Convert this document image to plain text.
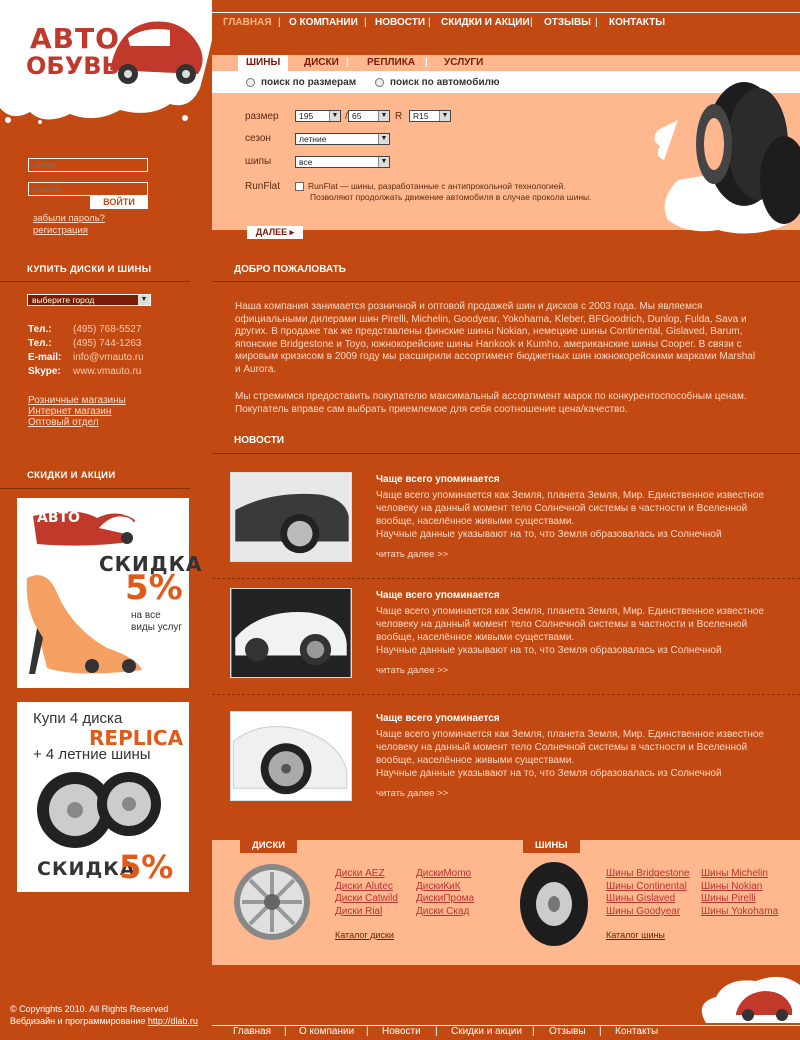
⌂
✉
⎙
АВТО
ОБУВЬ
логин
ВОЙТИ
забыли пароль?
регистрация
КУПИТЬ ДИСКИ И ШИНЫ
выберите город	▼
Тел.: (495) 768-5527
Тел.: (495) 744-1263
E-mail: info@vmauto.ru
Skype: www.vmauto.ru
Розничные магазины
Интернет магазин
Оптовый отдел
СКИДКИ И АКЦИИ
АВТО
ОБУВЬ
СКИДКА
5%
на все
виды услуг
Купи 4 диска
REPLICA
+ 4 летние шины
СКИДКА
5%
ГЛАВНАЯ | О КОМПАНИИ | НОВОСТИ | СКИДКИ И АКЦИИ | ОТЗЫВЫ | КОНТАКТЫ
ШИНЫ	ДИСКИ | РЕПЛИКА | УСЛУГИ
поиск по размерам	поиск по автомобилю
размер	195	▼ / 65	▼ R	R15	▼
сезон	летние	▼
шипы	все	▼
RunFlat	RunFlat — шины, разработанные с антипрокольной технологией.
Позволяют продолжать движение автомобиля в случае прокола шины.
ДАЛЕЕ ▸
ДОБРО ПОЖАЛОВАТЬ
Наша компания занимается розничной и оптовой продажей шин и дисков с 2003 года. Мы являемся официальными дилерами шин Pirelli, Michelin, Goodyear, Yokohama, Kleber, BFGoodrich, Dunlop, Fulda, Sava и других. В продаже так же представлены финские шины Nokian, немецкие шины Continental, Gislaved, Barum, японские Bridgestone и Toyo, южнокорейские шины Hankook и Kumho, американские шины Cooper. В связи с мировым кризисом в 2009 году мы расширили ассортимент бюджетных шин южнокорейскими марками Marshal и Aurora.
Мы стремимся предоставить покупателю максимальный ассортимент марок по конкурентоспособным ценам. Покупатель вправе сам выбрать приемлемое для себя соотношение цена/качество.
НОВОСТИ
Чаще всего упоминается
Чаще всего упоминается как Земля, планета Земля, Мир. Единственное известное человеку на данный момент тело Солнечной системы в частности и Вселенной вообще, населённое живыми существами.
Научные данные указывают на то, что Земля образовалась из Солнечной
читать далее >>
Чаще всего упоминается
Чаще всего упоминается как Земля, планета Земля, Мир. Единственное известное человеку на данный момент тело Солнечной системы в частности и Вселенной вообще, населённое живыми существами.
Научные данные указывают на то, что Земля образовалась из Солнечной
читать далее >>
Чаще всего упоминается
Чаще всего упоминается как Земля, планета Земля, Мир. Единственное известное человеку на данный момент тело Солнечной системы в частности и Вселенной вообще, населённое живыми существами.
Научные данные указывают на то, что Земля образовалась из Солнечной
читать далее >>
ДИСКИ
Диски AEZ
Диски Alutec
Диски Catwild
Диски Rial
ДискиMomo
ДискиКиК
ДискиПрома
Диски Скад
Каталог диски
ШИНЫ
Шины Bridgestone
Шины Continental
Шины Gislaved
Шины Goodyear
Шины Michelin
Шины Nokian
Шины Pirelli
Шины Yokohama
Каталог шины
© Copyrights 2010. All Rights Reserved
Вебдизайн и программирование http://dlab.ru
Главная | О компании | Новости | Скидки и акции | Отзывы | Контакты
